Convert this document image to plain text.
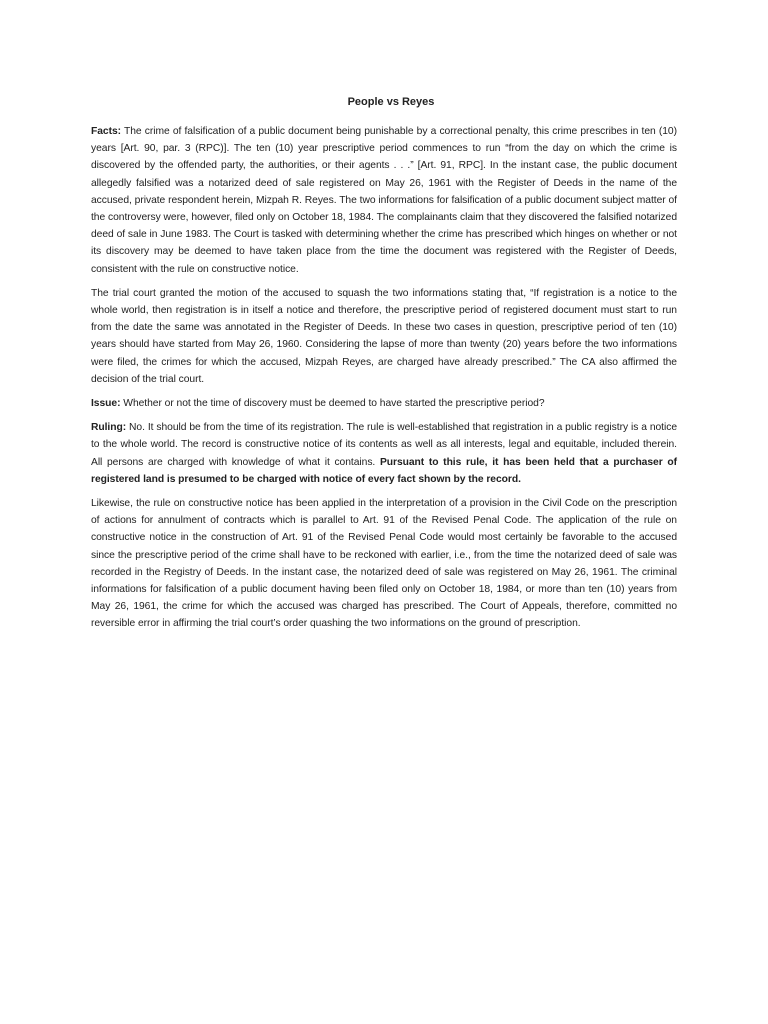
People vs Reyes

Facts: The crime of falsification of a public document being punishable by a correctional penalty, this crime prescribes in ten (10) years [Art. 90, par. 3 (RPC)]. The ten (10) year prescriptive period commences to run “from the day on which the crime is discovered by the offended party, the authorities, or their agents . . .” [Art. 91, RPC]. In the instant case, the public document allegedly falsified was a notarized deed of sale registered on May 26, 1961 with the Register of Deeds in the name of the accused, private respondent herein, Mizpah R. Reyes. The two informations for falsification of a public document subject matter of the controversy were, however, filed only on October 18, 1984. The complainants claim that they discovered the falsified notarized deed of sale in June 1983. The Court is tasked with determining whether the crime has prescribed which hinges on whether or not its discovery may be deemed to have taken place from the time the document was registered with the Register of Deeds, consistent with the rule on constructive notice.

The trial court granted the motion of the accused to squash the two informations stating that, “If registration is a notice to the whole world, then registration is in itself a notice and therefore, the prescriptive period of registered document must start to run from the date the same was annotated in the Register of Deeds. In these two cases in question, prescriptive period of ten (10) years should have started from May 26, 1960. Considering the lapse of more than twenty (20) years before the two informations were filed, the crimes for which the accused, Mizpah Reyes, are charged have already prescribed.” The CA also affirmed the decision of the trial court.

Issue: Whether or not the time of discovery must be deemed to have started the prescriptive period?

Ruling: No. It should be from the time of its registration. The rule is well-established that registration in a public registry is a notice to the whole world. The record is constructive notice of its contents as well as all interests, legal and equitable, included therein. All persons are charged with knowledge of what it contains. Pursuant to this rule, it has been held that a purchaser of registered land is presumed to be charged with notice of every fact shown by the record.

Likewise, the rule on constructive notice has been applied in the interpretation of a provision in the Civil Code on the prescription of actions for annulment of contracts which is parallel to Art. 91 of the Revised Penal Code. The application of the rule on constructive notice in the construction of Art. 91 of the Revised Penal Code would most certainly be favorable to the accused since the prescriptive period of the crime shall have to be reckoned with earlier, i.e., from the time the notarized deed of sale was recorded in the Registry of Deeds. In the instant case, the notarized deed of sale was registered on May 26, 1961. The criminal informations for falsification of a public document having been filed only on October 18, 1984, or more than ten (10) years from May 26, 1961, the crime for which the accused was charged has prescribed. The Court of Appeals, therefore, committed no reversible error in affirming the trial court’s order quashing the two informations on the ground of prescription.
